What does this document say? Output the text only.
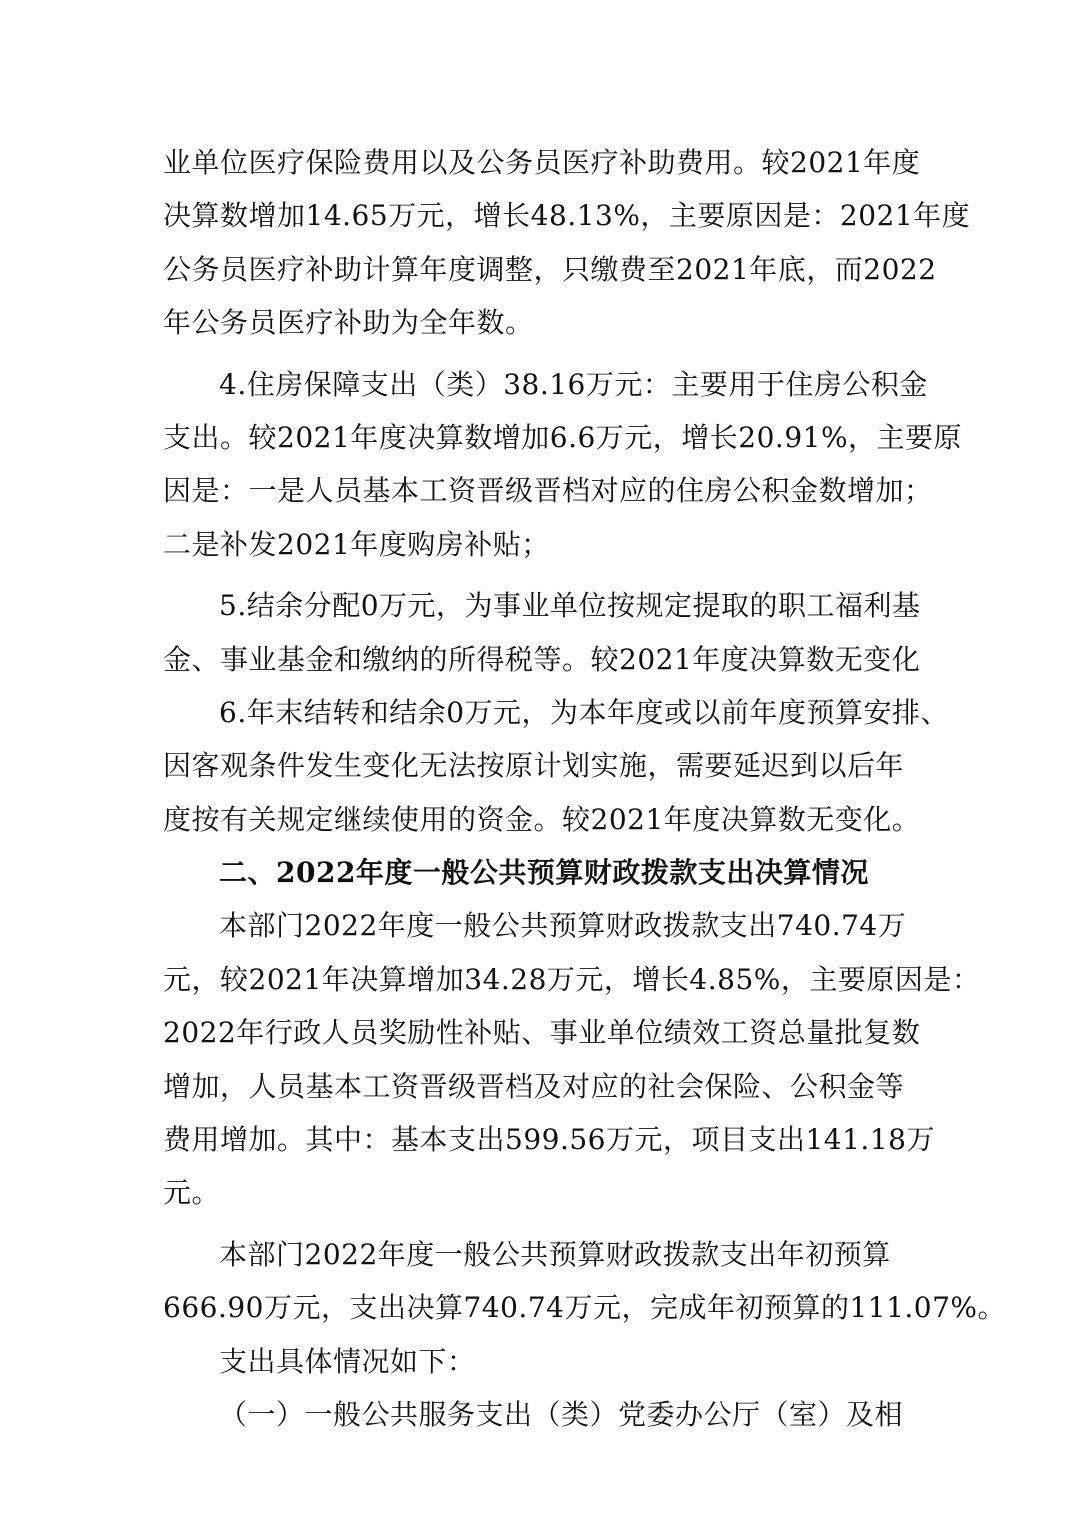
业单位医疗保险费用以及公务员医疗补助费用。较2021年度
决算数增加14.65万元，增长48.13%，主要原因是：2021年度
公务员医疗补助计算年度调整，只缴费至2021年底，而2022
年公务员医疗补助为全年数。
4.住房保障支出（类）38.16万元：主要用于住房公积金
支出。较2021年度决算数增加6.6万元，增长20.91%，主要原
因是：一是人员基本工资晋级晋档对应的住房公积金数增加；
二是补发2021年度购房补贴；
5.结余分配0万元，为事业单位按规定提取的职工福利基
金、事业基金和缴纳的所得税等。较2021年度决算数无变化
6.年末结转和结余0万元，为本年度或以前年度预算安排、
因客观条件发生变化无法按原计划实施，需要延迟到以后年
度按有关规定继续使用的资金。较2021年度决算数无变化。
二、2022年度一般公共预算财政拨款支出决算情况
本部门2022年度一般公共预算财政拨款支出740.74万
元，较2021年决算增加34.28万元，增长4.85%，主要原因是：
2022年行政人员奖励性补贴、事业单位绩效工资总量批复数
增加，人员基本工资晋级晋档及对应的社会保险、公积金等
费用增加。其中：基本支出599.56万元，项目支出141.18万
元。
本部门2022年度一般公共预算财政拨款支出年初预算
666.90万元，支出决算740.74万元，完成年初预算的111.07%。
支出具体情况如下：
（一）一般公共服务支出（类）党委办公厅（室）及相
